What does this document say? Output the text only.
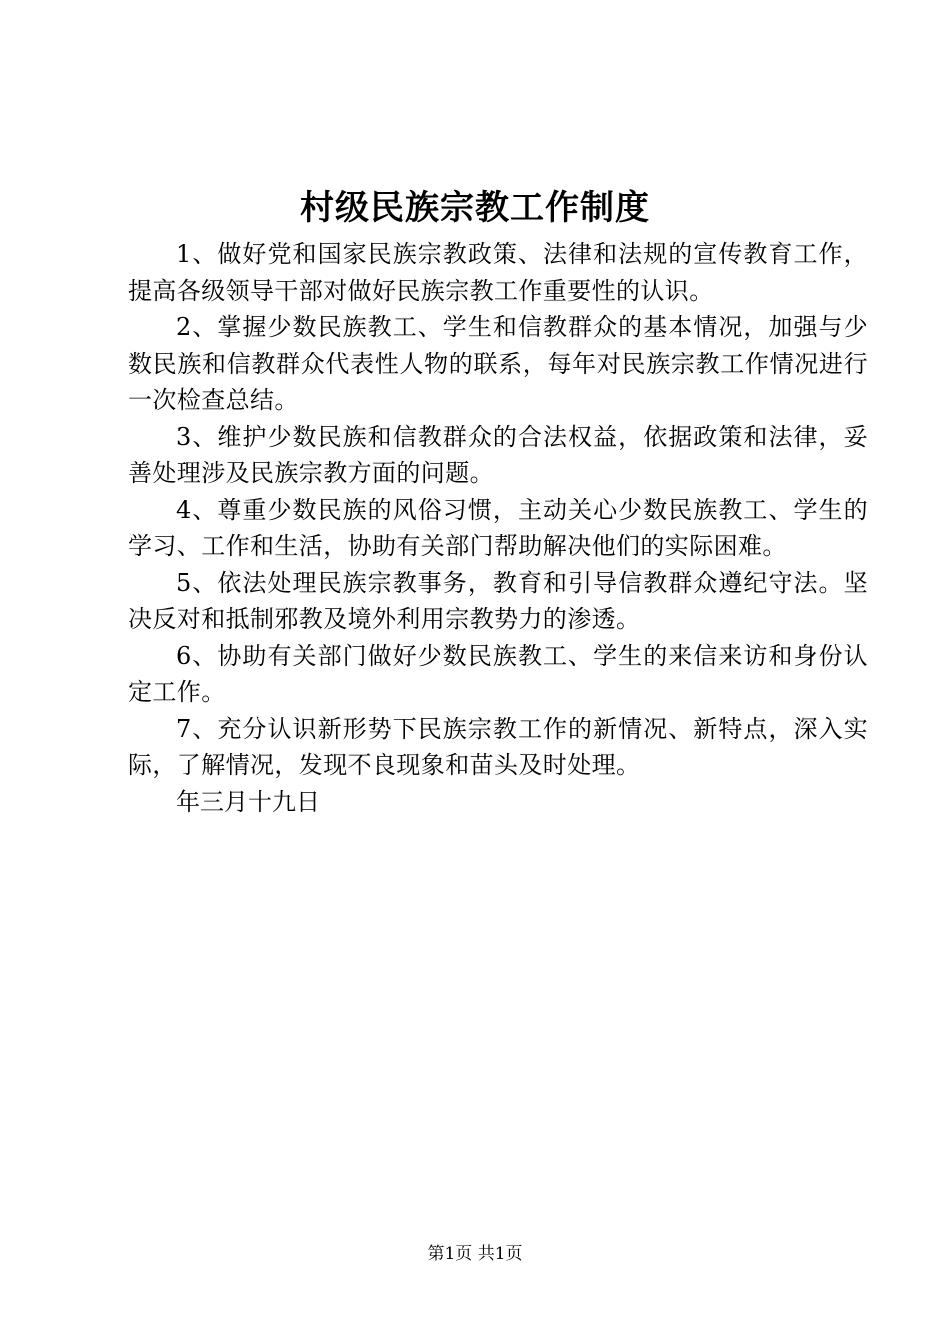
村级民族宗教工作制度

1、做好党和国家民族宗教政策、法律和法规的宣传教育工作，提高各级领导干部对做好民族宗教工作重要性的认识。

2、掌握少数民族教工、学生和信教群众的基本情况，加强与少数民族和信教群众代表性人物的联系，每年对民族宗教工作情况进行一次检查总结。

3、维护少数民族和信教群众的合法权益，依据政策和法律，妥善处理涉及民族宗教方面的问题。

4、尊重少数民族的风俗习惯，主动关心少数民族教工、学生的学习、工作和生活，协助有关部门帮助解决他们的实际困难。

5、依法处理民族宗教事务，教育和引导信教群众遵纪守法。坚决反对和抵制邪教及境外利用宗教势力的渗透。

6、协助有关部门做好少数民族教工、学生的来信来访和身份认定工作。

7、充分认识新形势下民族宗教工作的新情况、新特点，深入实际，了解情况，发现不良现象和苗头及时处理。

年三月十九日

第1页 共1页
